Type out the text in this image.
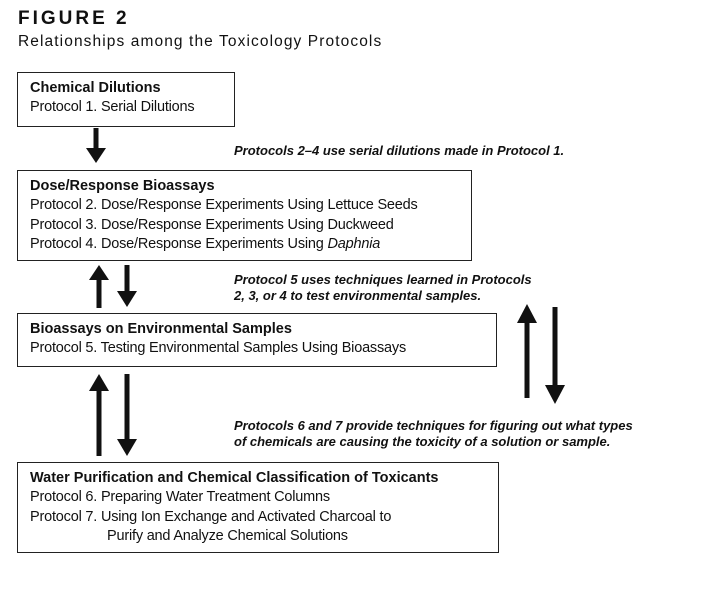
FIGURE 2
Relationships among the Toxicology Protocols
Chemical Dilutions
Protocol 1. Serial Dilutions
Dose/Response Bioassays
Protocol 2. Dose/Response Experiments Using Lettuce Seeds
Protocol 3. Dose/Response Experiments Using Duckweed
Protocol 4. Dose/Response Experiments Using Daphnia
Bioassays on Environmental Samples
Protocol 5. Testing Environmental Samples Using Bioassays
Water Purification and Chemical Classification of Toxicants
Protocol 6. Preparing Water Treatment Columns
Protocol 7. Using Ion Exchange and Activated Charcoal to
Purify and Analyze Chemical Solutions
Protocols 2–4 use serial dilutions made in Protocol 1.
Protocol 5 uses techniques learned in Protocols
2, 3, or 4 to test environmental samples.
Protocols 6 and 7 provide techniques for figuring out what types
of chemicals are causing the toxicity of a solution or sample.
